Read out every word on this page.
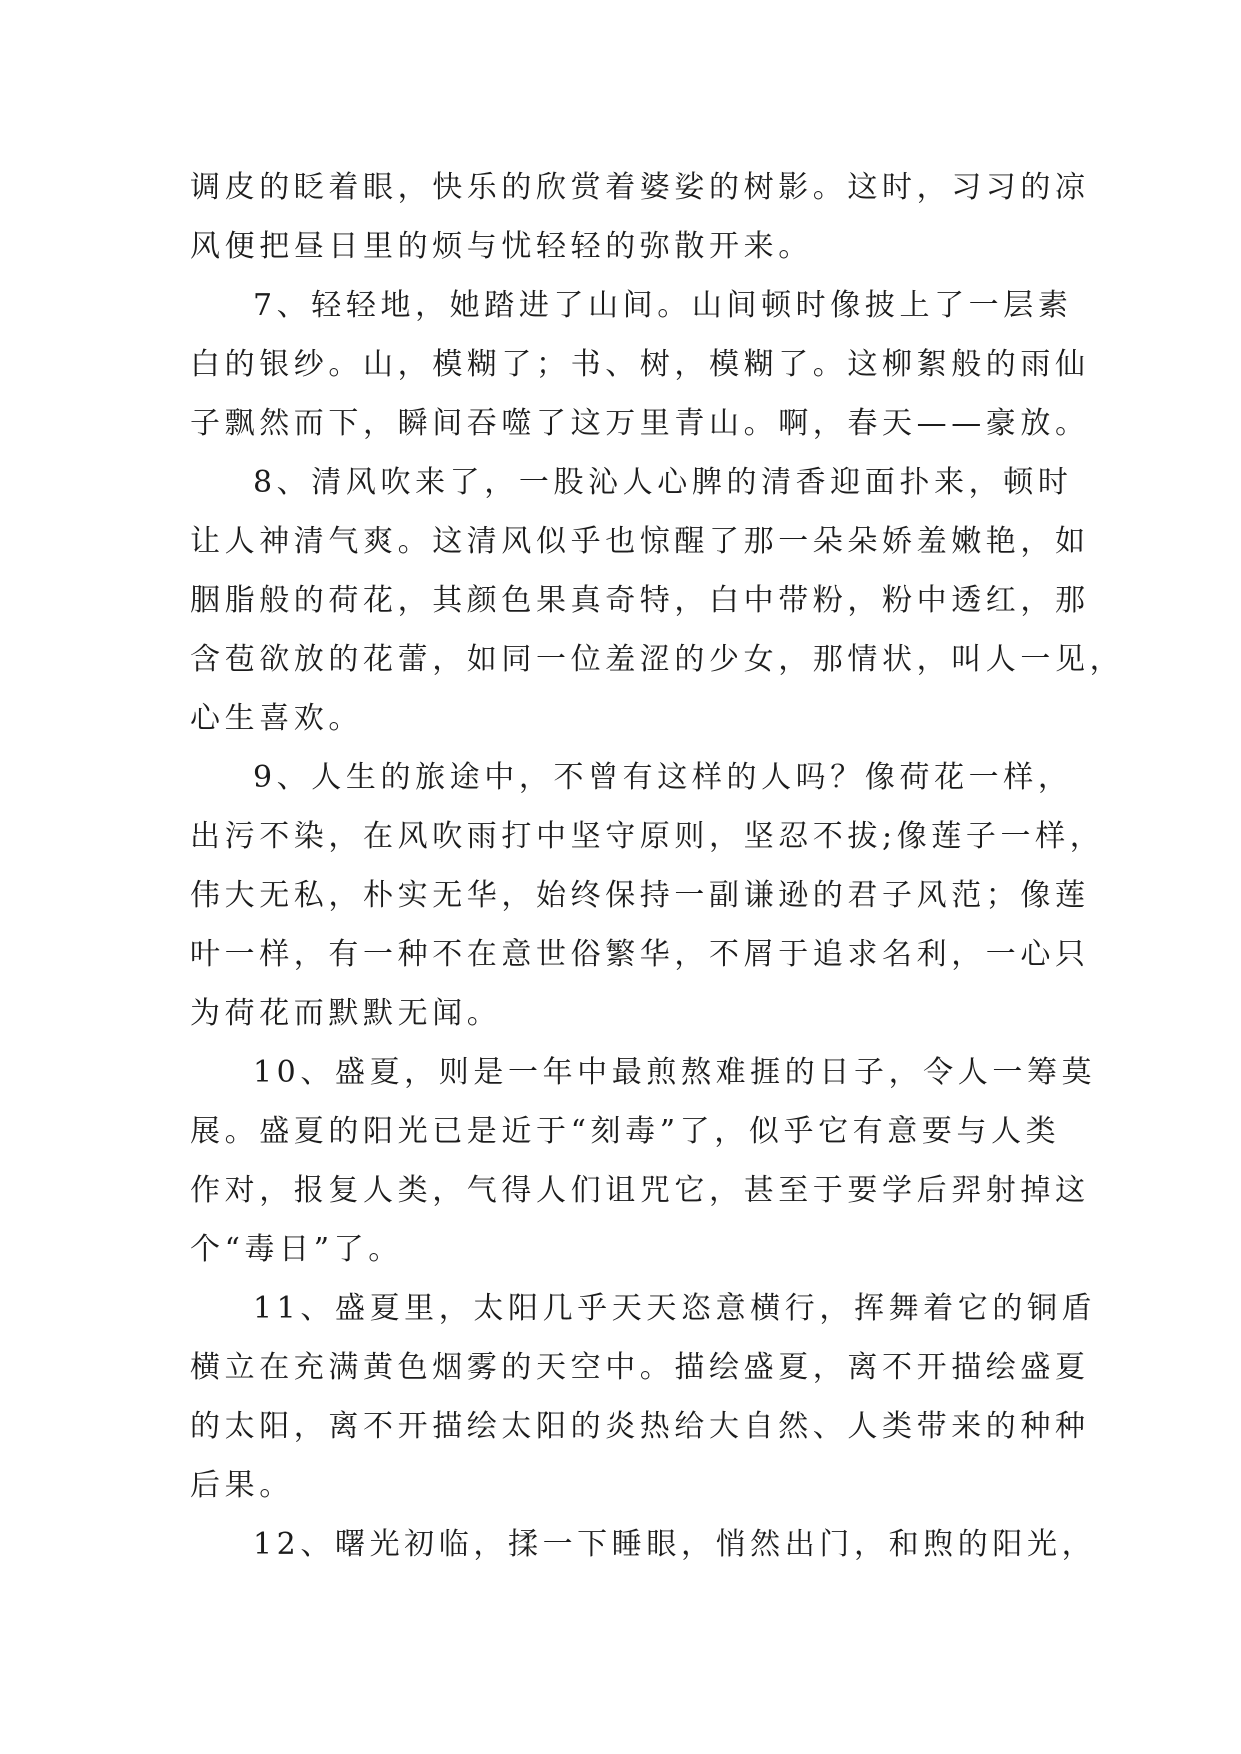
调皮的眨着眼，快乐的欣赏着婆娑的树影。这时，习习的凉
风便把昼日里的烦与忧轻轻的弥散开来。
7、轻轻地，她踏进了山间。山间顿时像披上了一层素
白的银纱。山，模糊了；书、树，模糊了。这柳絮般的雨仙
子飘然而下，瞬间吞噬了这万里青山。啊，春天——豪放。
8、清风吹来了，一股沁人心脾的清香迎面扑来，顿时
让人神清气爽。这清风似乎也惊醒了那一朵朵娇羞嫩艳，如
胭脂般的荷花，其颜色果真奇特，白中带粉，粉中透红，那
含苞欲放的花蕾，如同一位羞涩的少女，那情状，叫人一见，
心生喜欢。
9、人生的旅途中，不曾有这样的人吗？像荷花一样，
出污不染，在风吹雨打中坚守原则，坚忍不拔;像莲子一样，
伟大无私，朴实无华，始终保持一副谦逊的君子风范；像莲
叶一样，有一种不在意世俗繁华，不屑于追求名利，一心只
为荷花而默默无闻。
10、盛夏，则是一年中最煎熬难捱的日子，令人一筹莫
展。盛夏的阳光已是近于“刻毒”了，似乎它有意要与人类
作对，报复人类，气得人们诅咒它，甚至于要学后羿射掉这
个“毒日”了。
11、盛夏里，太阳几乎天天恣意横行，挥舞着它的铜盾
横立在充满黄色烟雾的天空中。描绘盛夏，离不开描绘盛夏
的太阳，离不开描绘太阳的炎热给大自然、人类带来的种种
后果。
12、曙光初临，揉一下睡眼，悄然出门，和煦的阳光，
